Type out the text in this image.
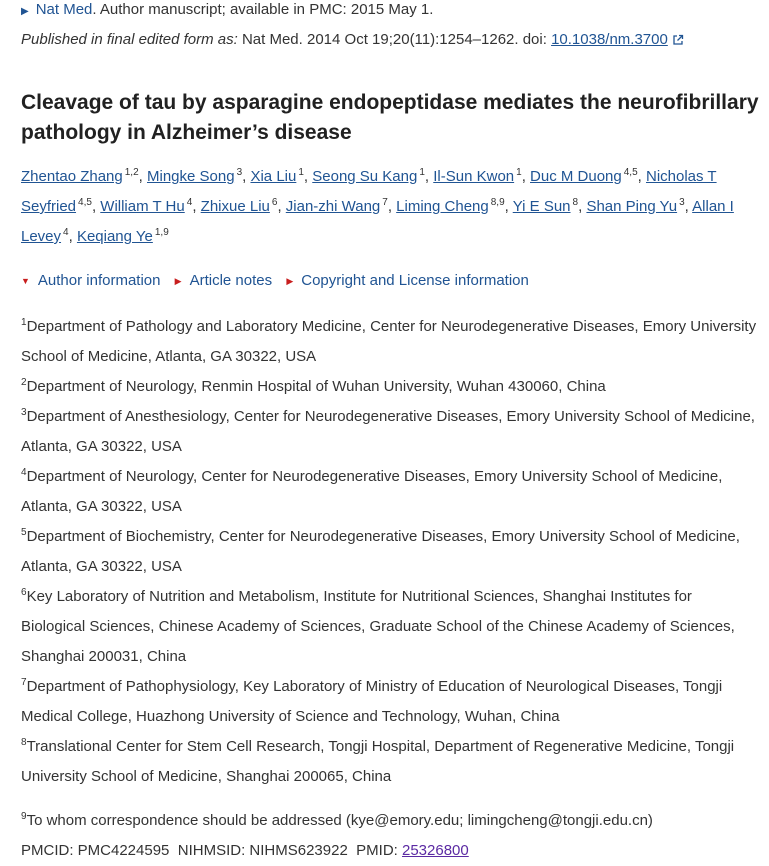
▶ Nat Med. Author manuscript; available in PMC: 2015 May 1.
Published in final edited form as: Nat Med. 2014 Oct 19;20(11):1254–1262. doi: 10.1038/nm.3700
Cleavage of tau by asparagine endopeptidase mediates the neurofibrillary pathology in Alzheimer’s disease
Zhentao Zhang $^{1,2}$, Mingke Song $^3$, Xia Liu $^1$, Seong Su Kang $^1$, Il-Sun Kwon $^1$, Duc M Duong $^{4,5}$, Nicholas T Seyfried $^{4,5}$, William T Hu $^4$, Zhixue Liu $^6$, Jian-zhi Wang $^7$, Liming Cheng $^{8,9}$, Yi E Sun $^8$, Shan Ping Yu $^3$, Allan I Levey $^4$, Keqiang Ye $^{1,9}$
▼ Author information
▶ Article notes
▶ Copyright and License information

$^1$Department of Pathology and Laboratory Medicine, Center for Neurodegenerative Diseases, Emory University School of Medicine, Atlanta, GA 30322, USA

$^2$Department of Neurology, Renmin Hospital of Wuhan University, Wuhan 430060, China

$^3$Department of Anesthesiology, Center for Neurodegenerative Diseases, Emory University School of Medicine, Atlanta, GA 30322, USA

$^4$Department of Neurology, Center for Neurodegenerative Diseases, Emory University School of Medicine, Atlanta, GA 30322, USA

$^5$Department of Biochemistry, Center for Neurodegenerative Diseases, Emory University School of Medicine, Atlanta, GA 30322, USA

$^6$Key Laboratory of Nutrition and Metabolism, Institute for Nutritional Sciences, Shanghai Institutes for Biological Sciences, Chinese Academy of Sciences, Graduate School of the Chinese Academy of Sciences, Shanghai 200031, China

$^7$Department of Pathophysiology, Key Laboratory of Ministry of Education of Neurological Diseases, Tongji Medical College, Huazhong University of Science and Technology, Wuhan, China

$^8$Translational Center for Stem Cell Research, Tongji Hospital, Department of Regenerative Medicine, Tongji University School of Medicine, Shanghai 200065, China

$^9$To whom correspondence should be addressed (kye@emory.edu; limingcheng@tongji.edu.cn)
PMCID: PMC4224595 NIHMSID: NIHMS623922 PMID: 25326800
